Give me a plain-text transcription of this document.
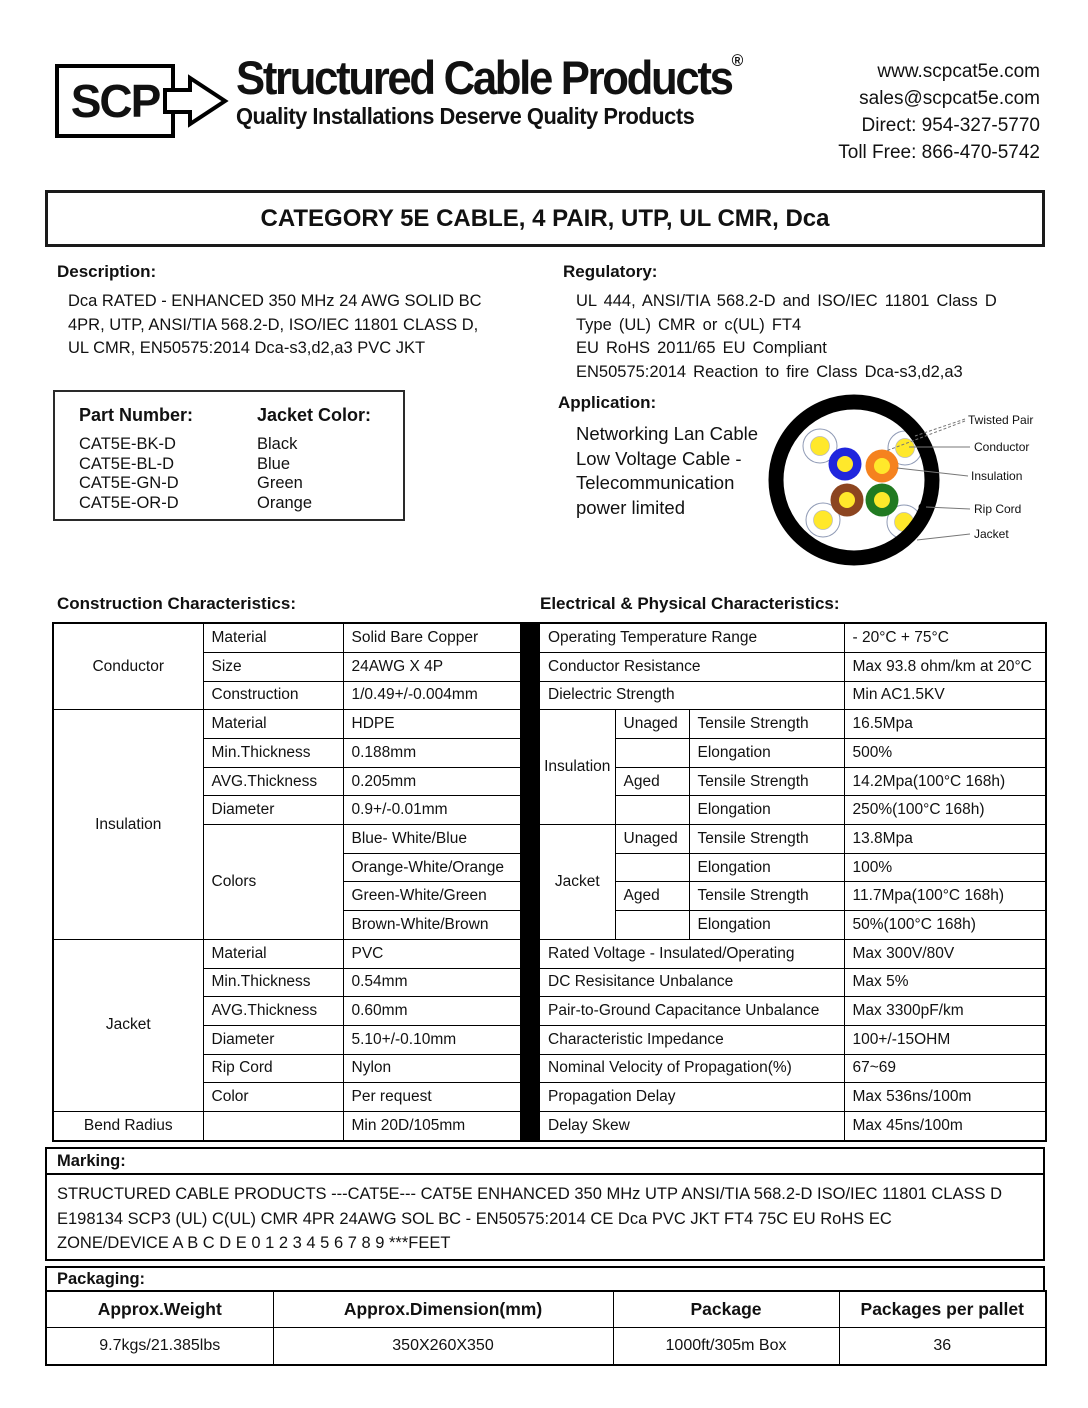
SCP Structured Cable Products®
Quality Installations Deserve Quality Products
www.scpcat5e.com
sales@scpcat5e.com
Direct: 954-327-5770
Toll Free: 866-470-5742
CATEGORY 5E CABLE, 4 PAIR, UTP, UL CMR, Dca
Description:
Dca RATED - ENHANCED 350 MHz 24 AWG SOLID BC
4PR, UTP, ANSI/TIA 568.2-D, ISO/IEC 11801 CLASS D,
UL CMR, EN50575:2014 Dca-s3,d2,a3 PVC JKT
Regulatory:
UL 444, ANSI/TIA 568.2-D and ISO/IEC 11801 Class D
Type (UL) CMR or c(UL) FT4
EU RoHS 2011/65 EU Compliant
EN50575:2014 Reaction to fire Class Dca-s3,d2,a3
Part Number:	Jacket Color:
CAT5E-BK-D	Black
CAT5E-BL-D	Blue
CAT5E-GN-D	Green
CAT5E-OR-D	Orange
Application:
Networking Lan Cable
Low Voltage Cable -
Telecommunication
power limited
Twisted Pair
Conductor
Insulation
Rip Cord
Jacket
Construction Characteristics:	Electrical & Physical Characteristics:
Conductor	Material	Solid Bare Copper
	Size	24AWG X 4P
	Construction	1/0.49+/-0.004mm
Insulation	Material	HDPE
	Min.Thickness	0.188mm
	AVG.Thickness	0.205mm
	Diameter	0.9+/-0.01mm
	Colors	Blue- White/Blue
		Orange-White/Orange
		Green-White/Green
		Brown-White/Brown
Jacket	Material	PVC
	Min.Thickness	0.54mm
	AVG.Thickness	0.60mm
	Diameter	5.10+/-0.10mm
	Rip Cord	Nylon
	Color	Per request
Bend Radius		Min 20D/105mm
Operating Temperature Range			- 20°C + 75°C
Conductor Resistance			Max 93.8 ohm/km at 20°C
Dielectric Strength			Min AC1.5KV
Insulation	Unaged	Tensile Strength	16.5Mpa
		Elongation	500%
	Aged	Tensile Strength	14.2Mpa(100°C 168h)
		Elongation	250%(100°C 168h)
Jacket	Unaged	Tensile Strength	13.8Mpa
		Elongation	100%
	Aged	Tensile Strength	11.7Mpa(100°C 168h)
		Elongation	50%(100°C 168h)
Rated Voltage - Insulated/Operating			Max 300V/80V
DC Resisitance Unbalance			Max 5%
Pair-to-Ground Capacitance Unbalance			Max 3300pF/km
Characteristic Impedance			100+/-15OHM
Nominal Velocity of Propagation(%)			67~69
Propagation Delay			Max 536ns/100m
Delay Skew			Max 45ns/100m
Marking:
STRUCTURED CABLE PRODUCTS ---CAT5E--- CAT5E ENHANCED 350 MHz UTP ANSI/TIA 568.2-D ISO/IEC 11801 CLASS D
E198134 SCP3 (UL) C(UL) CMR 4PR 24AWG SOL BC - EN50575:2014 CE Dca PVC JKT FT4 75C EU RoHS EC
ZONE/DEVICE A B C D E 0 1 2 3 4 5 6 7 8 9 ***FEET
Packaging:
Approx.Weight	Approx.Dimension(mm)	Package	Packages per pallet
9.7kgs/21.385lbs	350X260X350	1000ft/305m Box	36
